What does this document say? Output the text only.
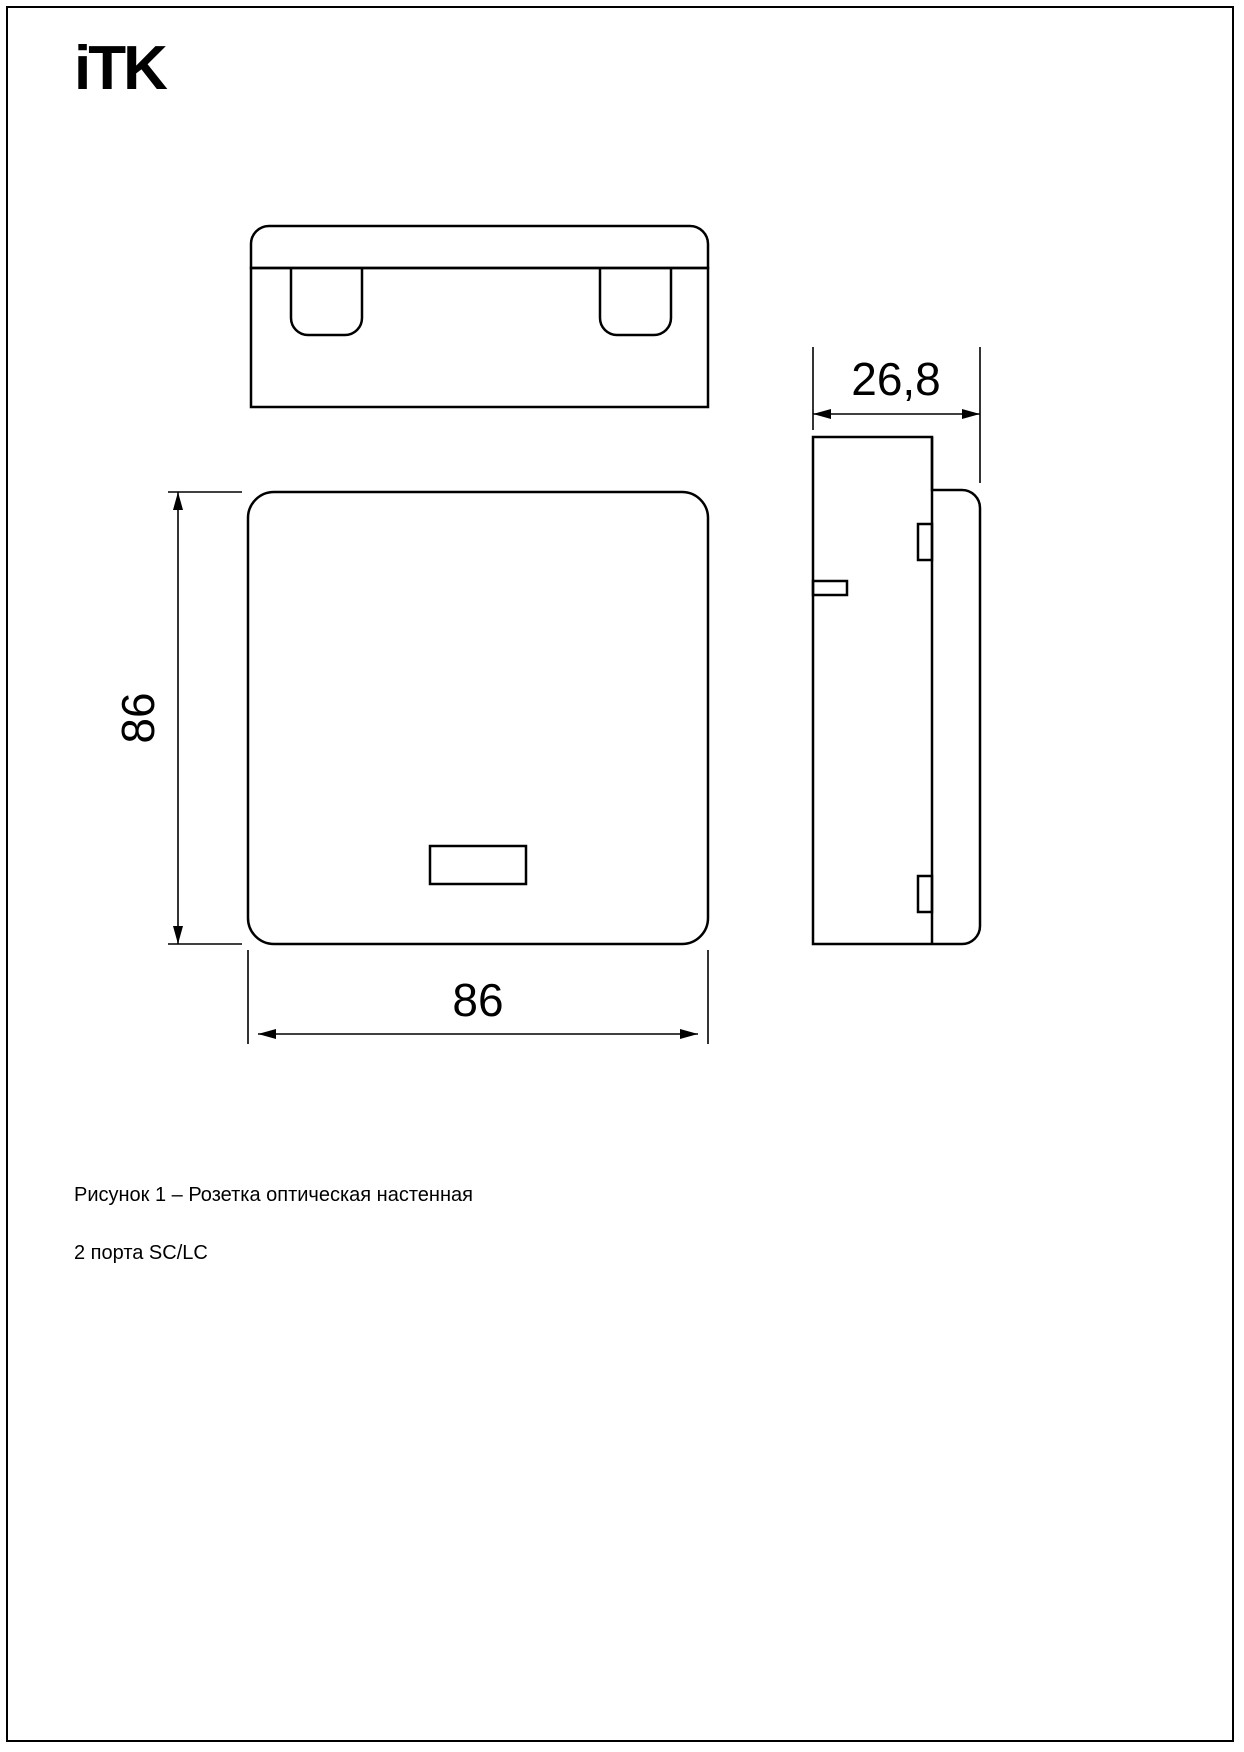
iTK
26,8
86
86

Рисунок 1 – Розетка оптическая настенная

2 порта SC/LC
